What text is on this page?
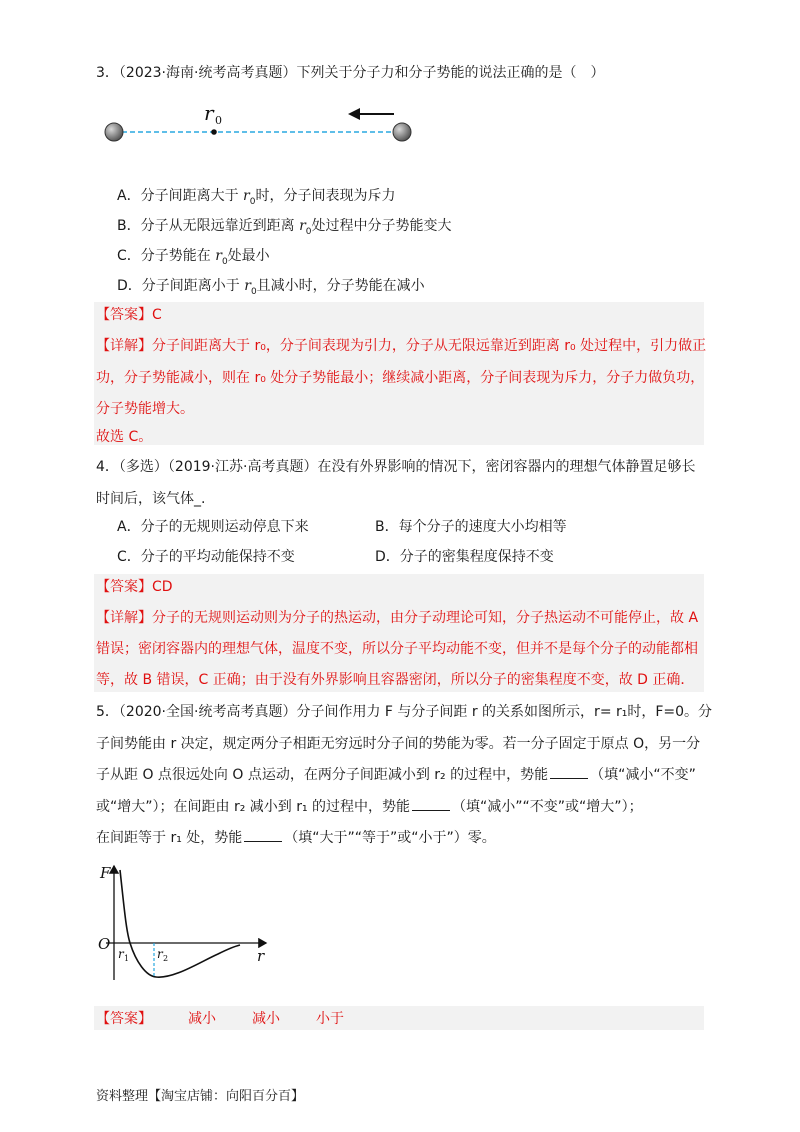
3．（2023·海南·统考高考真题）下列关于分子力和分子势能的说法正确的是（　）
r 0
A．分子间距离大于 $r_0$时，分子间表现为斥力
B．分子从无限远靠近到距离 $r_0$处过程中分子势能变大
C．分子势能在 $r_0$处最小
D．分子间距离小于 $r_0$且减小时，分子势能在减小
【答案】C
【详解】分子间距离大于 r₀，分子间表现为引力，分子从无限远靠近到距离 r₀ 处过程中，引力做正
功，分子势能减小，则在 r₀ 处分子势能最小；继续减小距离，分子间表现为斥力，分子力做负功，
分子势能增大。
故选 C。
4．（多选）（2019·江苏·高考真题）在没有外界影响的情况下，密闭容器内的理想气体静置足够长
时间后，该气体_.
A．分子的无规则运动停息下来	B．每个分子的速度大小均相等
C．分子的平均动能保持不变	D．分子的密集程度保持不变
【答案】CD
【详解】分子的无规则运动则为分子的热运动，由分子动理论可知，分子热运动不可能停止，故 A
错误；密闭容器内的理想气体，温度不变，所以分子平均动能不变，但并不是每个分子的动能都相
等，故 B 错误，C 正确；由于没有外界影响且容器密闭，所以分子的密集程度不变，故 D 正确．
5．（2020·全国·统考高考真题）分子间作用力 F 与分子间距 r 的关系如图所示，r= r₁时，F=0。分
子间势能由 r 决定，规定两分子相距无穷远时分子间的势能为零。若一分子固定于原点 O，另一分
子从距 O 点很远处向 O 点运动，在两分子间距减小到 r₂ 的过程中，势能	（填“减小“不变”
或“增大”）；在间距由 r₂ 减小到 r₁ 的过程中，势能	（填“减小”“不变”或“增大”）；
在间距等于 r₁ 处，势能	（填“大于”“等于”或“小于”）零。
F
O
r
r 1 r 2
【答案】	减小	减小	小于
资料整理【淘宝店铺：向阳百分百】
